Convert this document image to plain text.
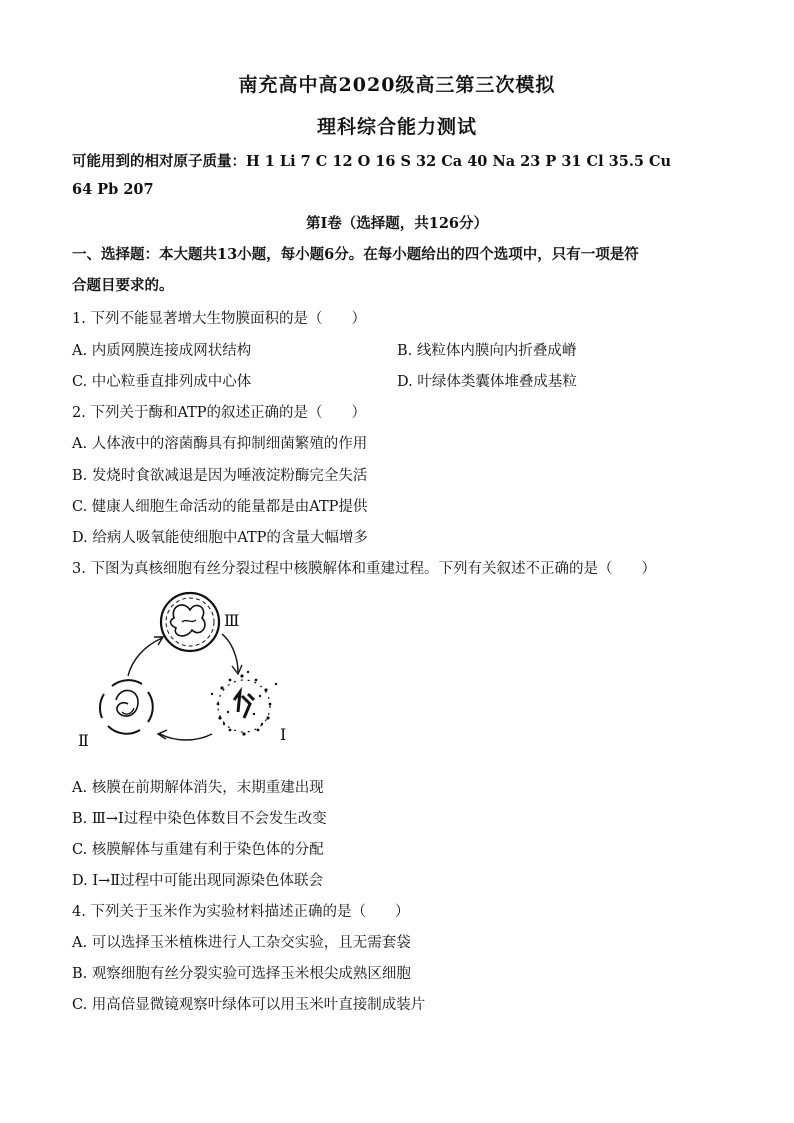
南充高中高2020级高三第三次模拟
理科综合能力测试
可能用到的相对原子质量：H 1 Li 7 C 12 O 16 S 32 Ca 40 Na 23 P 31 Cl 35.5 Cu
64 Pb 207
第Ⅰ卷（选择题，共126分）
一、选择题：本大题共13小题，每小题6分。在每小题给出的四个选项中，只有一项是符
合题目要求的。
1. 下列不能显著增大生物膜面积的是（　　）
A. 内质网膜连接成网状结构	B. 线粒体内膜向内折叠成嵴
C. 中心粒垂直排列成中心体	D. 叶绿体类囊体堆叠成基粒
2. 下列关于酶和ATP的叙述正确的是（　　）
A. 人体液中的溶菌酶具有抑制细菌繁殖的作用
B. 发烧时食欲减退是因为唾液淀粉酶完全失活
C. 健康人细胞生命活动的能量都是由ATP提供
D. 给病人吸氧能使细胞中ATP的含量大幅增多
3. 下图为真核细胞有丝分裂过程中核膜解体和重建过程。下列有关叙述不正确的是（　　）
Ⅲ
Ⅱ	Ⅰ
A. 核膜在前期解体消失，末期重建出现
B. Ⅲ→Ⅰ过程中染色体数目不会发生改变
C. 核膜解体与重建有利于染色体的分配
D. Ⅰ→Ⅱ过程中可能出现同源染色体联会
4. 下列关于玉米作为实验材料描述正确的是（　　）
A. 可以选择玉米植株进行人工杂交实验，且无需套袋
B. 观察细胞有丝分裂实验可选择玉米根尖成熟区细胞
C. 用高倍显微镜观察叶绿体可以用玉米叶直接制成装片
